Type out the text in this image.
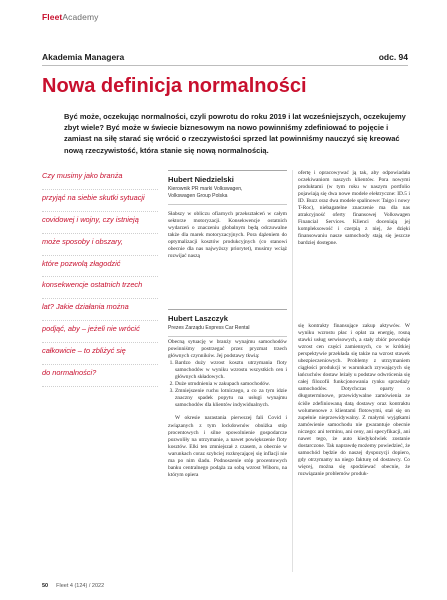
FleetAcademy
Akademia Managera	odc. 94
Nowa definicja normalności

Być może, oczekując normalności, czyli powrotu do roku 2019 i lat wcześniejszych, oczekujemy zbyt wiele? Być może w świecie biznesowym na nowo powinniśmy zdefiniować to pojęcie i zamiast na siłę starać się wrócić o rzeczywistości sprzed lat powinniśmy nauczyć się kreować nową rzeczywistość, która stanie się nową normalnością.

Czy musimy jako branża
przyjąć na siebie skutki sytuacji
covidowej i wojny, czy istnieją
może sposoby i obszary,
które pozwolą złagodzić
konsekwencje ostatnich trzech
lat? Jakie działania można
podjąć, aby – jeżeli nie wrócić
całkowicie – to zbliżyć się
do normalności?
Hubert Niedzielski
Kierownik PR marki Volkswagen,
Volkswagen Group Polska

Słabszy w obliczu ofiarnych przekształceń w całym sektorze motoryzacji. Konsekwencje ostatnich wydarzeń o znaczeniu globalnym będą odczuwalne także dla marek motoryzacyjnych. Pora dążeniem do optymalizacji kosztów produkcyjnych (co stanowi obecnie dla nas najwyższy priorytet), musimy wciąż rozwijać naszą

Hubert Laszczyk
Prezes Zarządu Express Car Rental

Obecną sytuację w branży wynajmu samochodów powinniśmy postrzegać przez pryzmat trzech głównych czynników. Jej podstawy tkwią:

1. Bardzo duży wzrost kosztu utrzymania floty samochodów w wyniku wzrostu wszystkich cen i głównych składowych.
2. Duże utrudnienia w zakupach samochodów.
3. Zmniejszenie ruchu lotniczego, a co za tym idzie znaczny spadek popytu na usługi wynajmu samochodów dla klientów indywidualnych.

W okresie narastania pierwszej fali Covid i związanych z tym lockdownów obniżka stóp procentowych i silne spowolnienie gospodarcze pozwoliły na utrzymanie, a nawet powiększenie floty kosztów. Elki ten zmniejszał z czasem, a obecnie w warunkach coraz szybciej rozkręcającej się inflacji nie ma po nim śladu. Podnoszenie stóp procentowych banku centralnego podąża za sobą wzrost Wiboru, na którym opiera

ofertę i opracowywać ją tak, aby odpowiadała oczekiwaniom naszych klientów. Pora nowymi produktami (w tym roku w naszym portfolio pojawiają się dwa nowe modele elektryczne: ID.5 i ID. Buzz oraz dwa modele spalinowe: Taigo i nowy T-Roc), niebagatelne znaczenie ma dla nas atrakcyjność oferty finansowej Volkswagen Financial Services. Klienci doceniają jej kompleksowość i czerpią z niej, że dzięki finansowaniu nasze samochody stają się jeszcze bardziej dostępne.

się kontrakty finansujące zakup aktywów. W wyniku wzrostu płac i opłat za energię, rosną stawki usług serwisowych, a stały zbiór powoduje wzrost cen części zamiennych, co w krótkiej perspektywie przekłada się także na wzrost stawek ubezpieczeniowych. Problemy z utrzymaniem ciągłości produkcji w warunkach zrywających się łańcuchów dostaw leżały u podstaw odwrócenia się całej filozofii funkcjonowania rynku sprzedaży samochodów. Dotychczas oparty o długoterminowe, przewidywalne zamówienia ze ściśle zdefiniowaną datą dostawy oraz kontraktu wolumenowe z klientami flotowymi, stał się on zupełnie nieprzewidywalny. Z małymi wyjątkami zamówienie samochodu nie gwarantuje obecnie niczego: ani terminu, ani ceny, ani specyfikacji, ani nawet tego, że auto kiedykolwiek zostanie dostarczone. Tak naprawdę możemy powiedzieć, że samochód będzie do naszej dyspozycji dopiero, gdy otrzymamy na niego fakturę od dostawcy. Co więcej, można się spodziewać obecnie, że rozwiązanie problemów produk-

50 Fleet 4 (124) / 2022
